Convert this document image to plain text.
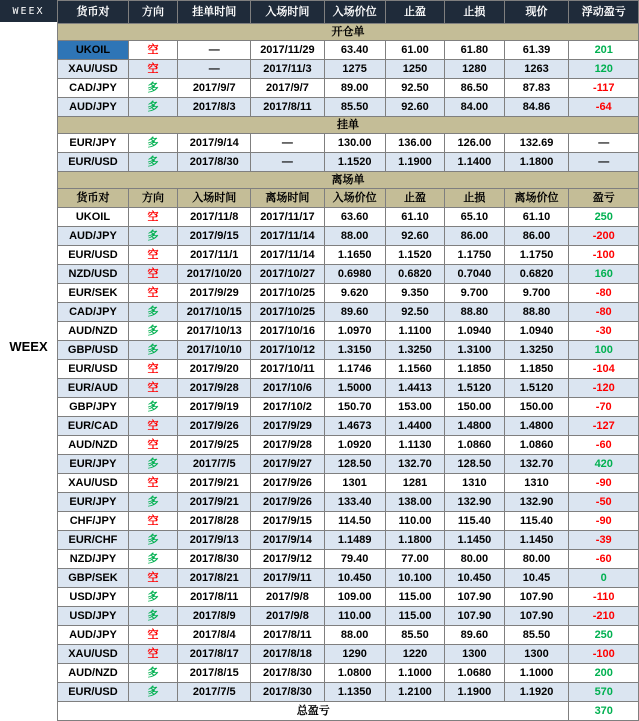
WEEX
WEEX
货币对	方向	挂单时间	入场时间	入场价位	止盈	止损	现价	浮动盈亏
开仓单								
UKOIL	空	—	2017/11/29	63.40	61.00	61.80	61.39	201
XAU/USD	空	—	2017/11/3	1275	1250	1280	1263	120
CAD/JPY	多	2017/9/7	2017/9/7	89.00	92.50	86.50	87.83	-117
AUD/JPY	多	2017/8/3	2017/8/11	85.50	92.60	84.00	84.86	-64
挂单								
EUR/JPY	多	2017/9/14	—	130.00	136.00	126.00	132.69	—
EUR/USD	多	2017/8/30	—	1.1520	1.1900	1.1400	1.1800	—
离场单								
货币对	方向	入场时间	离场时间	入场价位	止盈	止损	离场价位	盈亏
UKOIL	空	2017/11/8	2017/11/17	63.60	61.10	65.10	61.10	250
AUD/JPY	多	2017/9/15	2017/11/14	88.00	92.60	86.00	86.00	-200
EUR/USD	空	2017/11/1	2017/11/14	1.1650	1.1520	1.1750	1.1750	-100
NZD/USD	空	2017/10/20	2017/10/27	0.6980	0.6820	0.7040	0.6820	160
EUR/SEK	空	2017/9/29	2017/10/25	9.620	9.350	9.700	9.700	-80
CAD/JPY	多	2017/10/15	2017/10/25	89.60	92.50	88.80	88.80	-80
AUD/NZD	多	2017/10/13	2017/10/16	1.0970	1.1100	1.0940	1.0940	-30
GBP/USD	多	2017/10/10	2017/10/12	1.3150	1.3250	1.3100	1.3250	100
EUR/USD	空	2017/9/20	2017/10/11	1.1746	1.1560	1.1850	1.1850	-104
EUR/AUD	空	2017/9/28	2017/10/6	1.5000	1.4413	1.5120	1.5120	-120
GBP/JPY	多	2017/9/19	2017/10/2	150.70	153.00	150.00	150.00	-70
EUR/CAD	空	2017/9/26	2017/9/29	1.4673	1.4400	1.4800	1.4800	-127
AUD/NZD	空	2017/9/25	2017/9/28	1.0920	1.1130	1.0860	1.0860	-60
EUR/JPY	多	2017/7/5	2017/9/27	128.50	132.70	128.50	132.70	420
XAU/USD	空	2017/9/21	2017/9/26	1301	1281	1310	1310	-90
EUR/JPY	多	2017/9/21	2017/9/26	133.40	138.00	132.90	132.90	-50
CHF/JPY	空	2017/8/28	2017/9/15	114.50	110.00	115.40	115.40	-90
EUR/CHF	多	2017/9/13	2017/9/14	1.1489	1.1800	1.1450	1.1450	-39
NZD/JPY	多	2017/8/30	2017/9/12	79.40	77.00	80.00	80.00	-60
GBP/SEK	空	2017/8/21	2017/9/11	10.450	10.100	10.450	10.45	0
USD/JPY	多	2017/8/11	2017/9/8	109.00	115.00	107.90	107.90	-110
USD/JPY	多	2017/8/9	2017/9/8	110.00	115.00	107.90	107.90	-210
AUD/JPY	空	2017/8/4	2017/8/11	88.00	85.50	89.60	85.50	250
XAU/USD	空	2017/8/17	2017/8/18	1290	1220	1300	1300	-100
AUD/NZD	多	2017/8/15	2017/8/30	1.0800	1.1000	1.0680	1.1000	200
EUR/USD	多	2017/7/5	2017/8/30	1.1350	1.2100	1.1900	1.1920	570
总盈亏								370
